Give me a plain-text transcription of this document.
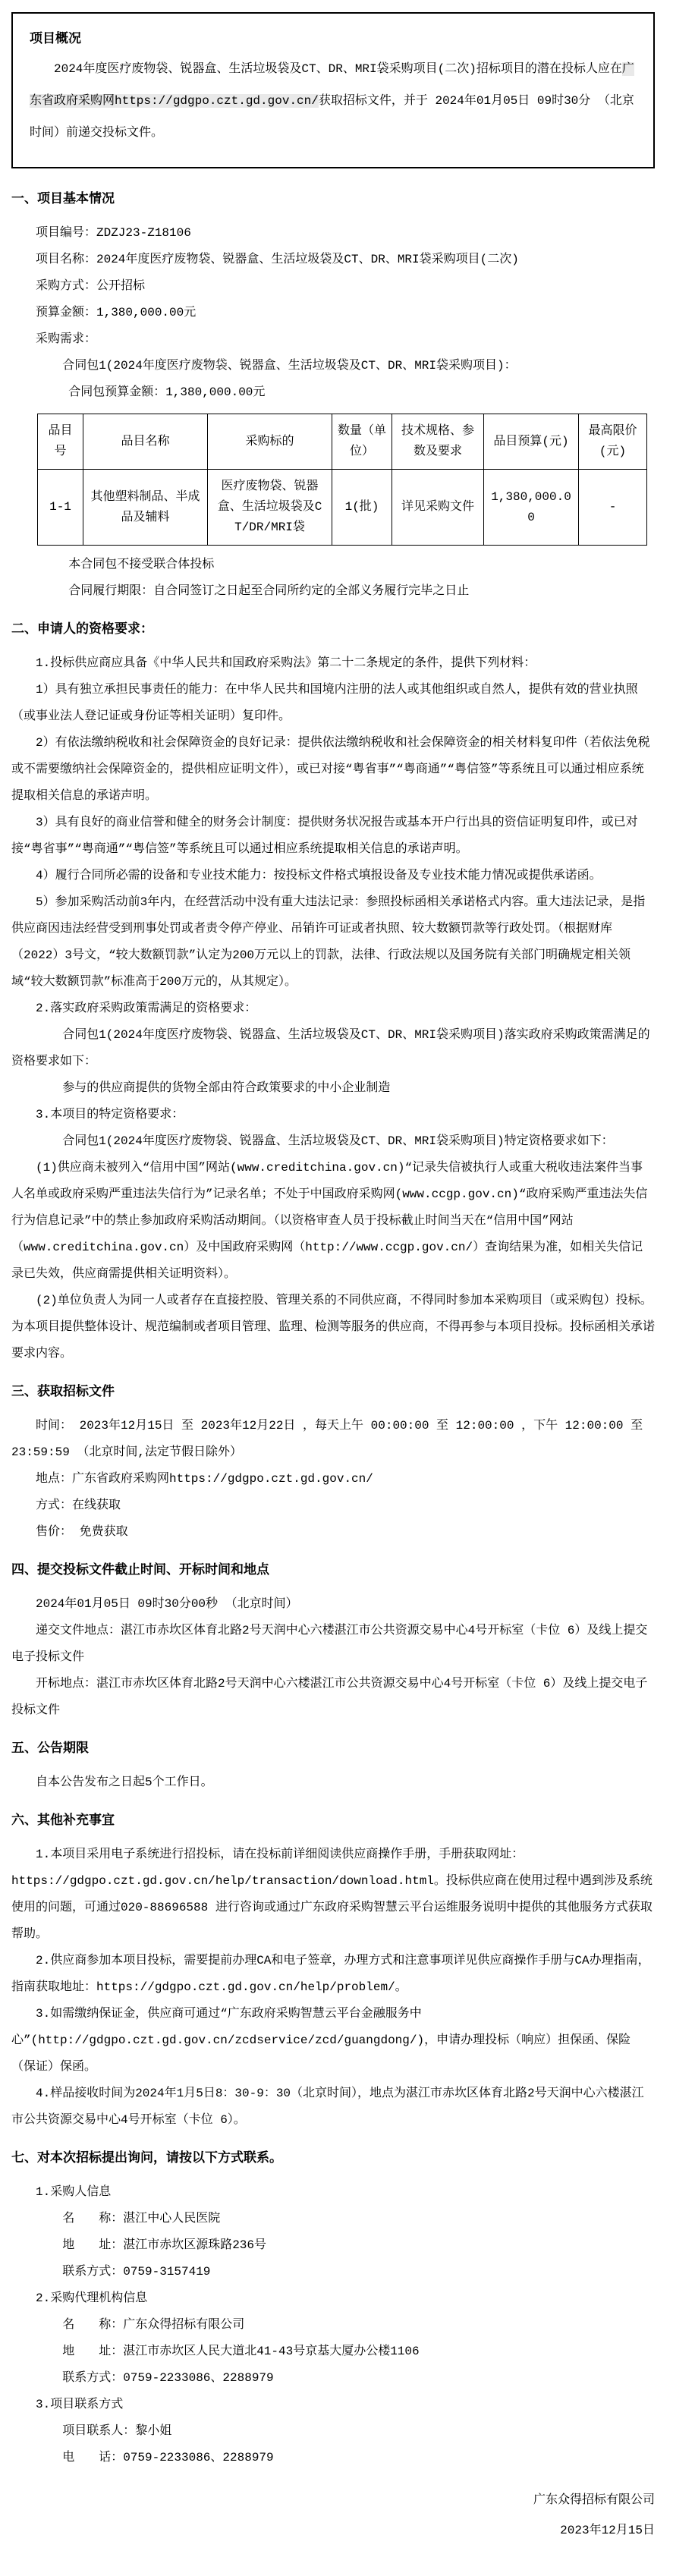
项目概况

2024年度医疗废物袋、锐器盒、生活垃圾袋及CT、DR、MRI袋采购项目(二次)招标项目的潜在投标人应在广东省政府采购网https://gdgpo.czt.gd.gov.cn/获取招标文件，并于 2024年01月05日 09时30分 （北京时间）前递交投标文件。

一、项目基本情况

项目编号：ZDZJ23-Z18106

项目名称：2024年度医疗废物袋、锐器盒、生活垃圾袋及CT、DR、MRI袋采购项目(二次)

采购方式：公开招标

预算金额：1,380,000.00元

采购需求：

合同包1(2024年度医疗废物袋、锐器盒、生活垃圾袋及CT、DR、MRI袋采购项目)：

合同包预算金额：1,380,000.00元

品目号	品目名称	采购标的	数量（单位）	技术规格、参数及要求	品目预算(元)	最高限价(元)
1-1	其他塑料制品、半成品及辅料	医疗废物袋、锐器盒、生活垃圾袋及CT/DR/MRI袋	1(批)	详见采购文件	1,380,000.00	-

本合同包不接受联合体投标

合同履行期限：自合同签订之日起至合同所约定的全部义务履行完毕之日止

二、申请人的资格要求：

1.投标供应商应具备《中华人民共和国政府采购法》第二十二条规定的条件，提供下列材料：

1）具有独立承担民事责任的能力：在中华人民共和国境内注册的法人或其他组织或自然人，提供有效的营业执照（或事业法人登记证或身份证等相关证明）复印件。

2）有依法缴纳税收和社会保障资金的良好记录：提供依法缴纳税收和社会保障资金的相关材料复印件（若依法免税或不需要缴纳社会保障资金的，提供相应证明文件），或已对接“粤省事”“粤商通”“粤信签”等系统且可以通过相应系统提取相关信息的承诺声明。

3）具有良好的商业信誉和健全的财务会计制度：提供财务状况报告或基本开户行出具的资信证明复印件，或已对接“粤省事”“粤商通”“粤信签”等系统且可以通过相应系统提取相关信息的承诺声明。

4）履行合同所必需的设备和专业技术能力：按投标文件格式填报设备及专业技术能力情况或提供承诺函。

5）参加采购活动前3年内，在经营活动中没有重大违法记录：参照投标函相关承诺格式内容。重大违法记录，是指供应商因违法经营受到刑事处罚或者责令停产停业、吊销许可证或者执照、较大数额罚款等行政处罚。（根据财库（2022）3号文，“较大数额罚款”认定为200万元以上的罚款，法律、行政法规以及国务院有关部门明确规定相关领域“较大数额罚款”标准高于200万元的，从其规定）。

2.落实政府采购政策需满足的资格要求：

合同包1(2024年度医疗废物袋、锐器盒、生活垃圾袋及CT、DR、MRI袋采购项目)落实政府采购政策需满足的资格要求如下：

参与的供应商提供的货物全部由符合政策要求的中小企业制造

3.本项目的特定资格要求：

合同包1(2024年度医疗废物袋、锐器盒、生活垃圾袋及CT、DR、MRI袋采购项目)特定资格要求如下：

(1)供应商未被列入“信用中国”网站(www.creditchina.gov.cn)“记录失信被执行人或重大税收违法案件当事人名单或政府采购严重违法失信行为”记录名单；不处于中国政府采购网(www.ccgp.gov.cn)“政府采购严重违法失信行为信息记录”中的禁止参加政府采购活动期间。（以资格审查人员于投标截止时间当天在“信用中国”网站（www.creditchina.gov.cn）及中国政府采购网（http://www.ccgp.gov.cn/）查询结果为准，如相关失信记录已失效，供应商需提供相关证明资料）。

(2)单位负责人为同一人或者存在直接控股、管理关系的不同供应商，不得同时参加本采购项目（或采购包）投标。为本项目提供整体设计、规范编制或者项目管理、监理、检测等服务的供应商，不得再参与本项目投标。投标函相关承诺要求内容。

三、获取招标文件

时间： 2023年12月15日 至 2023年12月22日 ，每天上午 00:00:00 至 12:00:00 ，下午 12:00:00 至 23:59:59 （北京时间,法定节假日除外）

地点：广东省政府采购网https://gdgpo.czt.gd.gov.cn/

方式：在线获取

售价： 免费获取

四、提交投标文件截止时间、开标时间和地点

2024年01月05日 09时30分00秒 （北京时间）

递交文件地点：湛江市赤坎区体育北路2号天润中心六楼湛江市公共资源交易中心4号开标室（卡位 6）及线上提交电子投标文件

开标地点：湛江市赤坎区体育北路2号天润中心六楼湛江市公共资源交易中心4号开标室（卡位 6）及线上提交电子投标文件

五、公告期限

自本公告发布之日起5个工作日。

六、其他补充事宜

1.本项目采用电子系统进行招投标，请在投标前详细阅读供应商操作手册，手册获取网址：https://gdgpo.czt.gd.gov.cn/help/transaction/download.html。投标供应商在使用过程中遇到涉及系统使用的问题，可通过020-88696588 进行咨询或通过广东政府采购智慧云平台运维服务说明中提供的其他服务方式获取帮助。

2.供应商参加本项目投标，需要提前办理CA和电子签章，办理方式和注意事项详见供应商操作手册与CA办理指南，指南获取地址：https://gdgpo.czt.gd.gov.cn/help/problem/。

3.如需缴纳保证金，供应商可通过“广东政府采购智慧云平台金融服务中心”(http://gdgpo.czt.gd.gov.cn/zcdservice/zcd/guangdong/)，申请办理投标（响应）担保函、保险（保证）保函。

4.样品接收时间为2024年1月5日8：30-9：30（北京时间），地点为湛江市赤坎区体育北路2号天润中心六楼湛江市公共资源交易中心4号开标室（卡位 6）。

七、对本次招标提出询问，请按以下方式联系。

1.采购人信息

名　　称：湛江中心人民医院

地　　址：湛江市赤坎区源珠路236号

联系方式：0759-3157419

2.采购代理机构信息

名　　称：广东众得招标有限公司

地　　址：湛江市赤坎区人民大道北41-43号京基大厦办公楼1106

联系方式：0759-2233086、2288979

3.项目联系方式

项目联系人：黎小姐

电　　话：0759-2233086、2288979

广东众得招标有限公司

2023年12月15日
